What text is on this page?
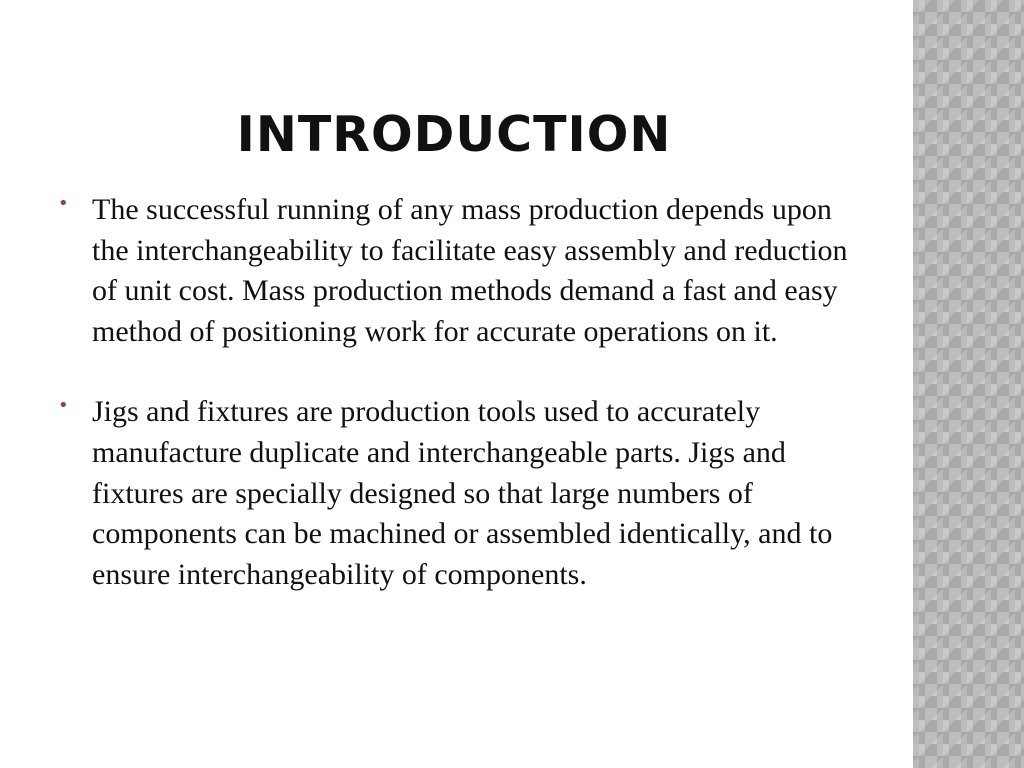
INTRODUCTION
• The successful running of any mass production depends upon the interchangeability to facilitate easy assembly and reduction of unit cost. Mass production methods demand a fast and easy method of positioning work for accurate operations on it.
• Jigs and fixtures are production tools used to accurately manufacture duplicate and interchangeable parts. Jigs and fixtures are specially designed so that large numbers of components can be machined or assembled identically, and to ensure interchangeability of components.
